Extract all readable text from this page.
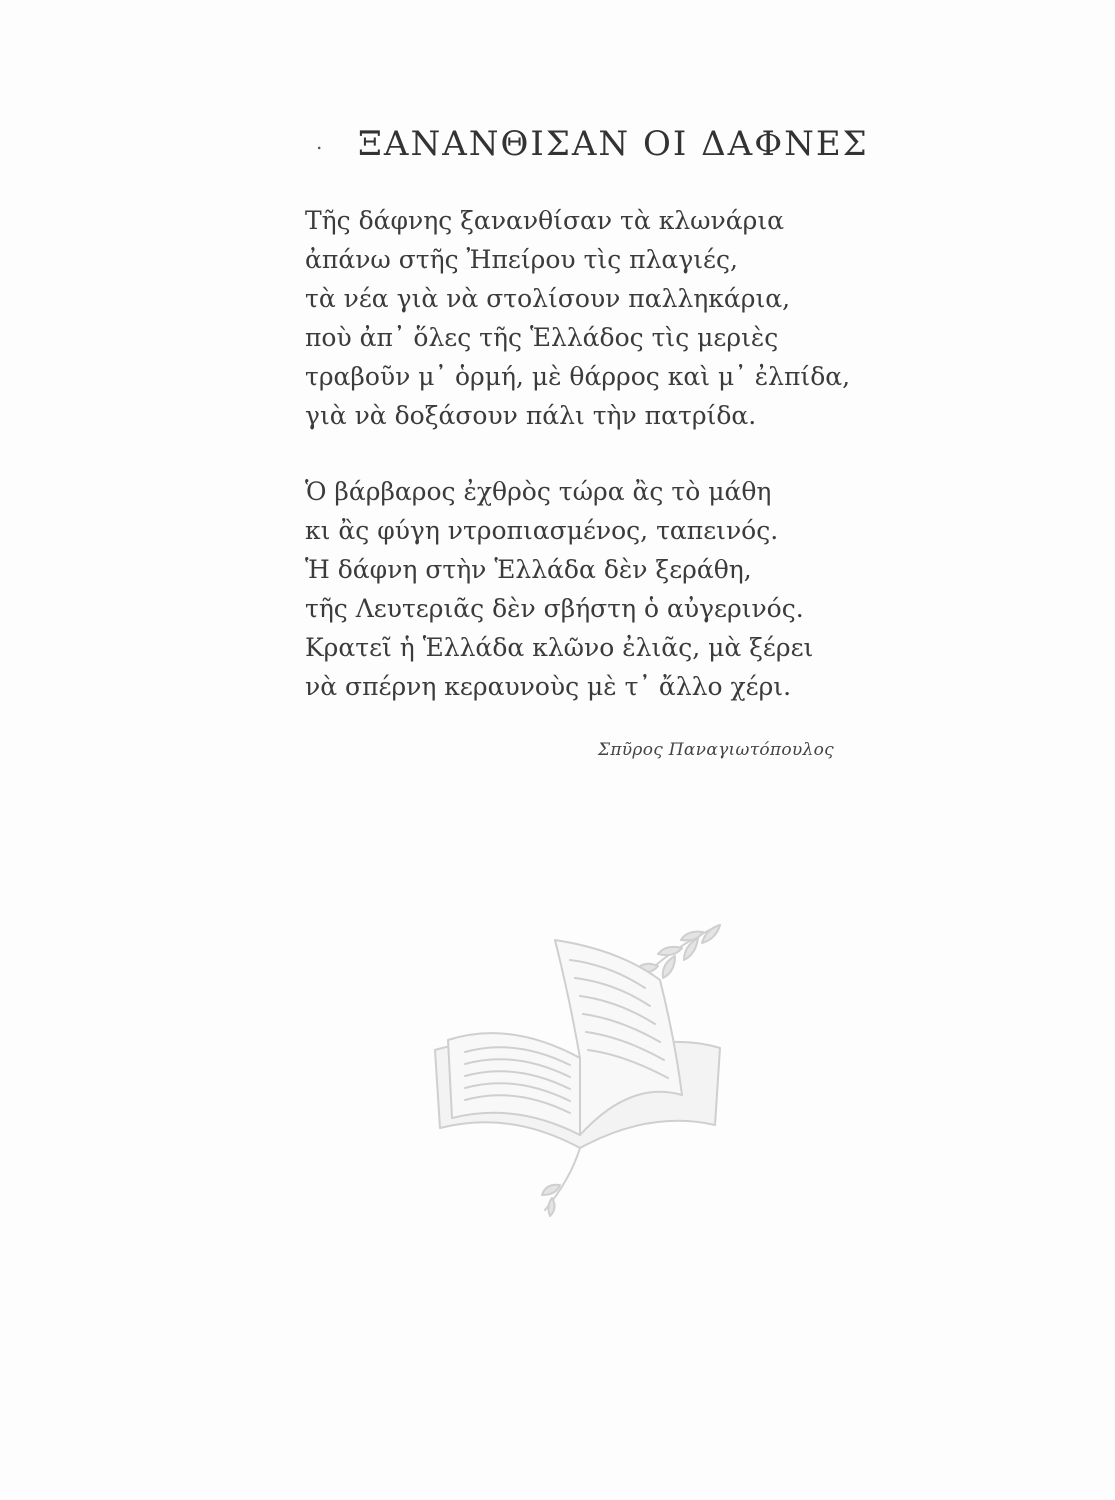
. ΞΑΝΑΝΘΙΣΑΝ ΟΙ ΔΑΦΝΕΣ
Τῆς δάφνης ξανανθίσαν τὰ κλωνάρια
ἀπάνω στῆς Ἠπείρου τὶς πλαγιές,
τὰ νέα γιὰ νὰ στολίσουν παλληκάρια,
ποὺ ἀπ᾽ ὅλες τῆς Ἑλλάδος τὶς μεριὲς
τραβοῦν μ᾽ ὁρμή, μὲ θάρρος καὶ μ᾽ ἐλπίδα,
γιὰ νὰ δοξάσουν πάλι τὴν πατρίδα.
Ὁ βάρβαρος ἐχθρὸς τώρα ἂς τὸ μάθη
κι ἂς φύγη ντροπιασμένος, ταπεινός.
Ἡ δάφνη στὴν Ἑλλάδα δὲν ξεράθη,
τῆς Λευτεριᾶς δὲν σβήστη ὁ αὐγερινός.
Κρατεῖ ἡ Ἑλλάδα κλῶνο ἐλιᾶς, μὰ ξέρει
νὰ σπέρνη κεραυνοὺς μὲ τ᾽ ἄλλο χέρι.
Σπῦρος Παναγιωτόπουλος
